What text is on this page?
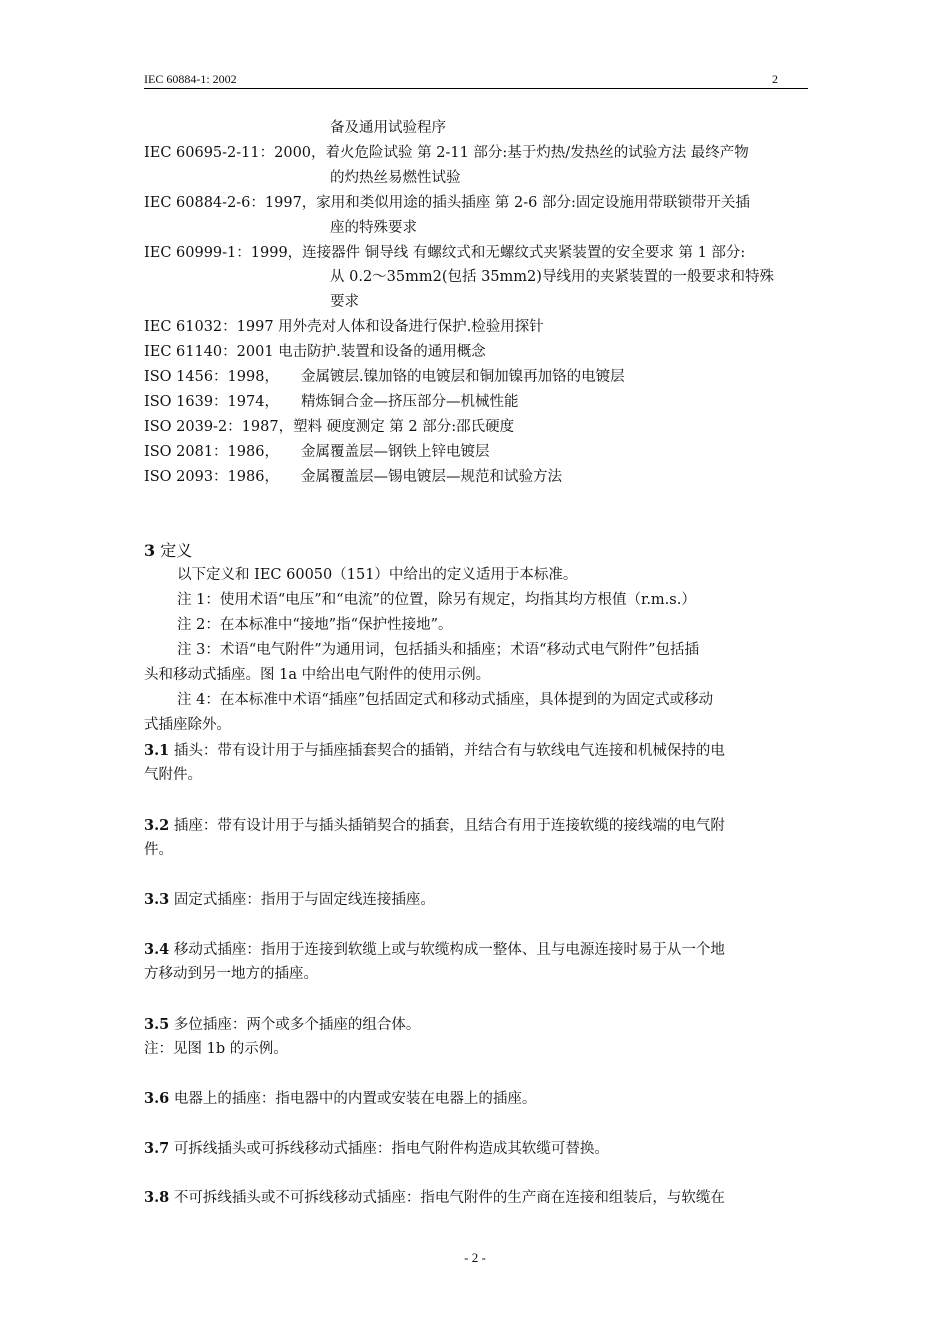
IEC 60884-1: 2002	2
备及通用试验程序
IEC 60695-2-11：2000，着火危险试验 第 2-11 部分:基于灼热/发热丝的试验方法 最终产物
的灼热丝易燃性试验
IEC 60884-2-6：1997，家用和类似用途的插头插座 第 2-6 部分:固定设施用带联锁带开关插
座的特殊要求
IEC 60999-1：1999，连接器件 铜导线 有螺纹式和无螺纹式夹紧装置的安全要求 第 1 部分:
从 0.2～35mm2(包括 35mm2)导线用的夹紧装置的一般要求和特殊
要求
IEC 61032：1997 用外壳对人体和设备进行保护.检验用探针
IEC 61140：2001 电击防护.装置和设备的通用概念
ISO 1456：1998， 金属镀层.镍加铬的电镀层和铜加镍再加铬的电镀层
ISO 1639：1974， 精炼铜合金—挤压部分—机械性能
ISO 2039-2：1987，塑料 硬度测定 第 2 部分:邵氏硬度
ISO 2081：1986， 金属覆盖层—钢铁上锌电镀层
ISO 2093：1986， 金属覆盖层—锡电镀层—规范和试验方法
3 定义
以下定义和 IEC 60050（151）中给出的定义适用于本标准。
注 1：使用术语“电压”和“电流”的位置，除另有规定，均指其均方根值（r.m.s.）
注 2：在本标准中“接地”指“保护性接地”。
注 3：术语“电气附件”为通用词，包括插头和插座；术语“移动式电气附件”包括插
头和移动式插座。图 1a 中给出电气附件的使用示例。
注 4：在本标准中术语“插座”包括固定式和移动式插座，具体提到的为固定式或移动
式插座除外。
3.1 插头：带有设计用于与插座插套契合的插销，并结合有与软线电气连接和机械保持的电
气附件。
3.2 插座：带有设计用于与插头插销契合的插套，且结合有用于连接软缆的接线端的电气附
件。
3.3 固定式插座：指用于与固定线连接插座。
3.4 移动式插座：指用于连接到软缆上或与软缆构成一整体、且与电源连接时易于从一个地
方移动到另一地方的插座。
3.5 多位插座：两个或多个插座的组合体。
注：见图 1b 的示例。
3.6 电器上的插座：指电器中的内置或安装在电器上的插座。
3.7 可拆线插头或可拆线移动式插座：指电气附件构造成其软缆可替换。
3.8 不可拆线插头或不可拆线移动式插座：指电气附件的生产商在连接和组装后，与软缆在
- 2 -
